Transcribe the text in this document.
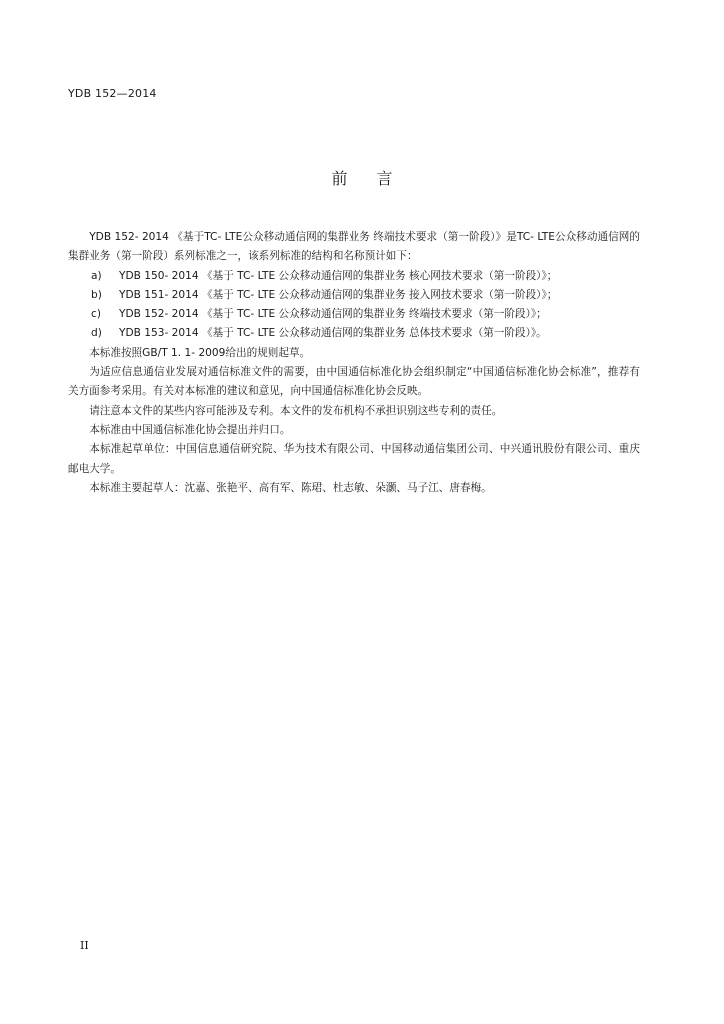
YDB 152—2014
前 言

YDB 152- 2014 《基于TC- LTE公众移动通信网的集群业务 终端技术要求（第一阶段）》是TC- LTE公众移动通信网的集群业务（第一阶段）系列标准之一，该系列标准的结构和名称预计如下：

a) YDB 150- 2014 《基于 TC- LTE 公众移动通信网的集群业务 核心网技术要求（第一阶段）》；

b) YDB 151- 2014 《基于 TC- LTE 公众移动通信网的集群业务 接入网技术要求（第一阶段）》；

c) YDB 152- 2014 《基于 TC- LTE 公众移动通信网的集群业务 终端技术要求（第一阶段）》；

d) YDB 153- 2014 《基于 TC- LTE 公众移动通信网的集群业务 总体技术要求（第一阶段）》。

本标准按照GB/T 1. 1- 2009给出的规则起草。

为适应信息通信业发展对通信标准文件的需要，由中国通信标准化协会组织制定“中国通信标准化协会标准”，推荐有关方面参考采用。有关对本标准的建议和意见，向中国通信标准化协会反映。

请注意本文件的某些内容可能涉及专利。本文件的发布机构不承担识别这些专利的责任。

本标准由中国通信标准化协会提出并归口。

本标准起草单位：中国信息通信研究院、华为技术有限公司、中国移动通信集团公司、中兴通讯股份有限公司、重庆邮电大学。

本标准主要起草人：沈嘉、张艳平、高有军、陈珺、杜志敏、朵灏、马子江、唐春梅。

II
